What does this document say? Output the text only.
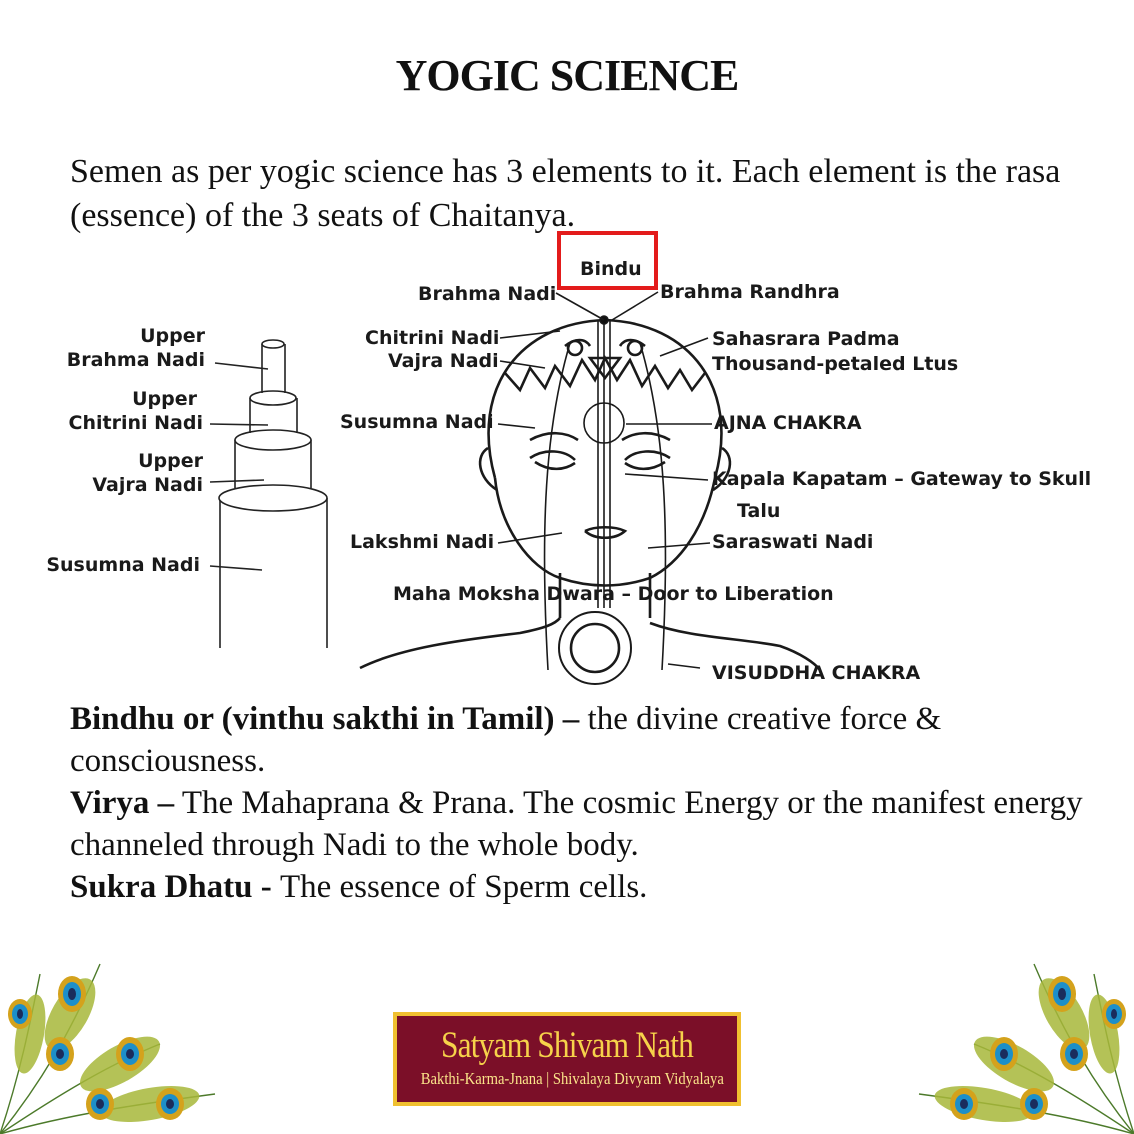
YOGIC SCIENCE
Semen as per yogic science has 3 elements to it. Each element is the rasa (essence) of the 3 seats of Chaitanya.
Upper
Brahma Nadi
Upper
Chitrini Nadi
Upper
Vajra Nadi
Susumna Nadi
Bindu
Brahma Nadi	Brahma Randhra
Chitrini Nadi
Vajra Nadi
Sahasrara Padma
Thousand-petaled Ltus
Susumna Nadi	AJNA CHAKRA
Kapala Kapatam – Gateway to Skull
Talu
Lakshmi Nadi	Saraswati Nadi
Maha Moksha Dwara – Door to Liberation
VISUDDHA CHAKRA

Bindhu or (vinthu sakthi in Tamil) – the divine creative force & consciousness.

Virya – The Mahaprana & Prana. The cosmic Energy or the manifest energy channeled through Nadi to the whole body.

Sukra Dhatu - The essence of Sperm cells.

Satyam Shivam Nath
Bakthi-Karma-Jnana | Shivalaya Divyam Vidyalaya
